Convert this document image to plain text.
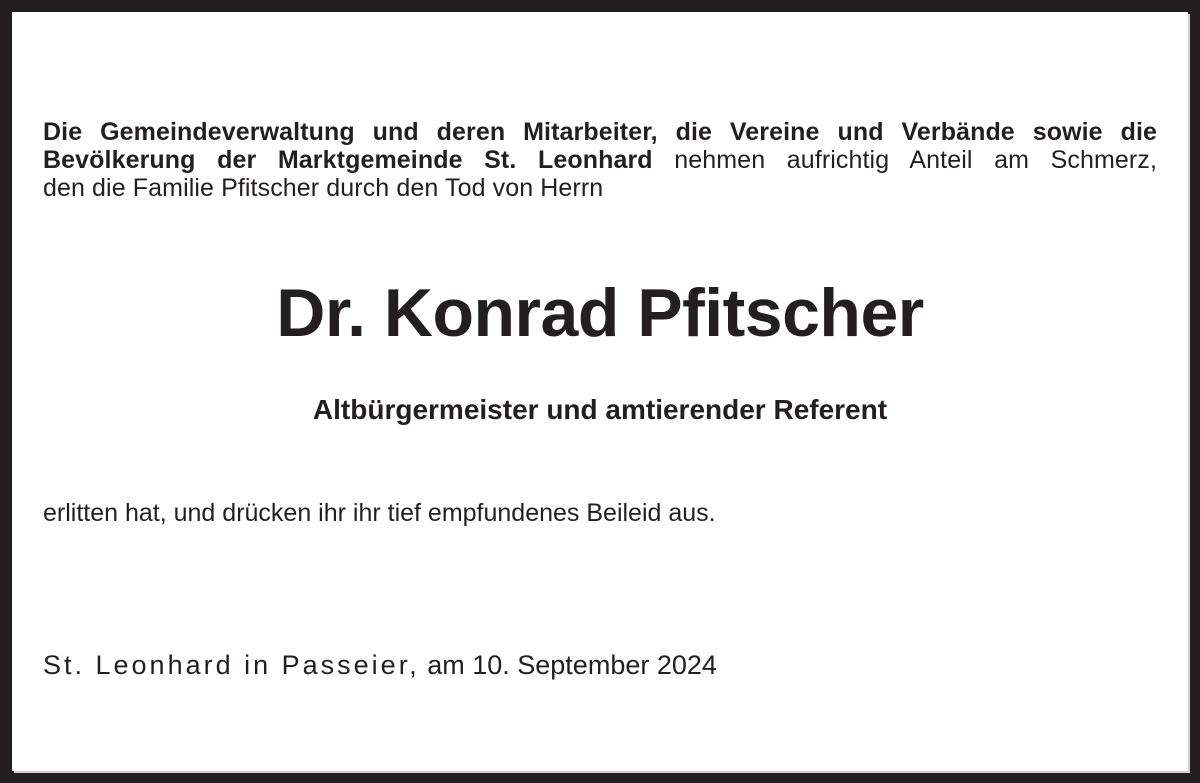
Die Gemeindeverwaltung und deren Mitarbeiter, die Vereine und Verbände sowie die
Bevölkerung der Marktgemeinde St. Leonhard nehmen aufrichtig Anteil am Schmerz,
den die Familie Pfitscher durch den Tod von Herrn
Dr. Konrad Pfitscher
Altbürgermeister und amtierender Referent
erlitten hat, und drücken ihr ihr tief empfundenes Beileid aus.
St. Leonhard in Passeier, am 10. September 2024
